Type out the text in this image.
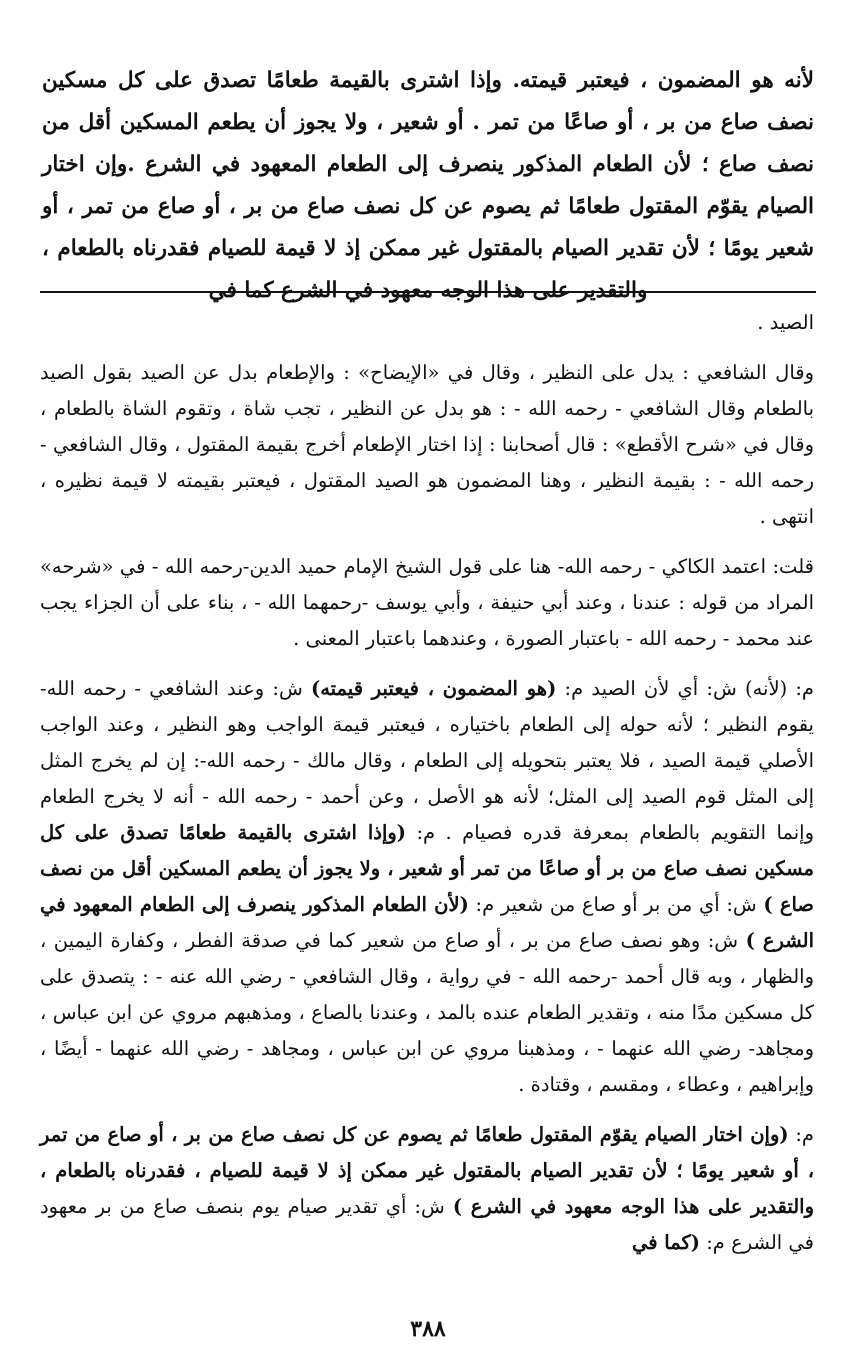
لأنه هو المضمون ، فيعتبر قيمته. وإذا اشترى بالقيمة طعامًا تصدق على كل مسكين نصف صاع من بر ، أو صاعًا من تمر . أو شعير ، ولا يجوز أن يطعم المسكين أقل من نصف صاع ؛ لأن الطعام المذكور ينصرف إلى الطعام المعهود في الشرع .وإن اختار الصيام يقوّم المقتول طعامًا ثم يصوم عن كل نصف صاع من بر ، أو صاع من تمر ، أو شعير يومًا ؛ لأن تقدير الصيام بالمقتول غير ممكن إذ لا قيمة للصيام فقدرناه بالطعام ، والتقدير على هذا الوجه معهود في الشرع كما في

الصيد .

وقال الشافعي : يدل على النظير ، وقال في «الإيضاح» : والإطعام بدل عن الصيد بقول الصيد بالطعام وقال الشافعي - رحمه الله - : هو بدل عن النظير ، تجب شاة ، وتقوم الشاة بالطعام ، وقال في «شرح الأقطع» : قال أصحابنا : إذا اختار الإطعام أخرج بقيمة المقتول ، وقال الشافعي - رحمه الله - : بقيمة النظير ، وهنا المضمون هو الصيد المقتول ، فيعتبر بقيمته لا قيمة نظيره ، انتهى .

قلت: اعتمد الكاكي - رحمه الله- هنا على قول الشيخ الإمام حميد الدين-رحمه الله - في «شرحه» المراد من قوله : عندنا ، وعند أبي حنيفة ، وأبي يوسف -رحمهما الله - ، بناء على أن الجزاء يجب عند محمد - رحمه الله - باعتبار الصورة ، وعندهما باعتبار المعنى .

م: (لأنه) ش: أي لأن الصيد م: (هو المضمون ، فيعتبر قيمته) ش: وعند الشافعي - رحمه الله- يقوم النظير ؛ لأنه حوله إلى الطعام باختياره ، فيعتبر قيمة الواجب وهو النظير ، وعند الواجب الأصلي قيمة الصيد ، فلا يعتبر بتحويله إلى الطعام ، وقال مالك - رحمه الله-: إن لم يخرج المثل إلى المثل قوم الصيد إلى المثل؛ لأنه هو الأصل ، وعن أحمد - رحمه الله - أنه لا يخرج الطعام وإنما التقويم بالطعام بمعرفة قدره فصيام . م: (وإذا اشترى بالقيمة طعامًا تصدق على كل مسكين نصف صاع من بر أو صاعًا من تمر أو شعير ، ولا يجوز أن يطعم المسكين أقل من نصف صاع ) ش: أي من بر أو صاع من شعير م: (لأن الطعام المذكور ينصرف إلى الطعام المعهود في الشرع ) ش: وهو نصف صاع من بر ، أو صاع من شعير كما في صدقة الفطر ، وكفارة اليمين ، والظهار ، وبه قال أحمد -رحمه الله - في رواية ، وقال الشافعي - رضي الله عنه - : يتصدق على كل مسكين مدًا منه ، وتقدير الطعام عنده بالمد ، وعندنا بالصاع ، ومذهبهم مروي عن ابن عباس ، ومجاهد- رضي الله عنهما - ، ومذهبنا مروي عن ابن عباس ، ومجاهد - رضي الله عنهما - أيضًا ، وإبراهيم ، وعطاء ، ومقسم ، وقتادة .

م: (وإن اختار الصيام يقوّم المقتول طعامًا ثم يصوم عن كل نصف صاع من بر ، أو صاع من تمر ، أو شعير يومًا ؛ لأن تقدير الصيام بالمقتول غير ممكن إذ لا قيمة للصيام ، فقدرناه بالطعام ، والتقدير على هذا الوجه معهود في الشرع ) ش: أي تقدير صيام يوم بنصف صاع من بر معهود في الشرع م: (كما في

٣٨٨
